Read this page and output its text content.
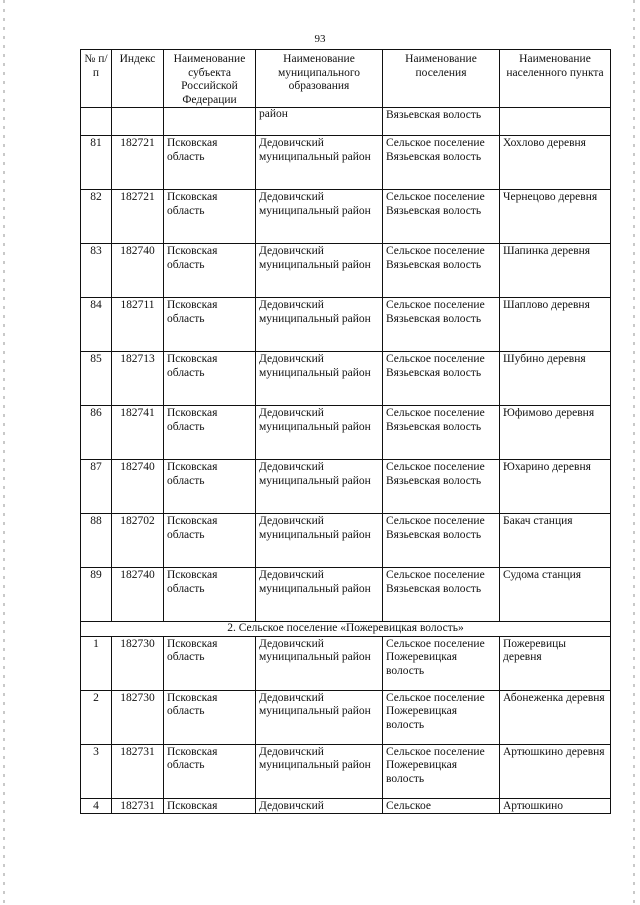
93
№ п/п	Индекс	Наименование субъекта Российской Федерации	Наименование муниципального образования	Наименование поселения	Наименование населенного пункта
			район	Вязьевская волость	
81	182721	Псковская область	Дедовичский муниципальный район	Сельское поселение Вязьевская волость	Хохлово деревня
82	182721	Псковская область	Дедовичский муниципальный район	Сельское поселение Вязьевская волость	Чернецово деревня
83	182740	Псковская область	Дедовичский муниципальный район	Сельское поселение Вязьевская волость	Шапинка деревня
84	182711	Псковская область	Дедовичский муниципальный район	Сельское поселение Вязьевская волость	Шаплово деревня
85	182713	Псковская область	Дедовичский муниципальный район	Сельское поселение Вязьевская волость	Шубино деревня
86	182741	Псковская область	Дедовичский муниципальный район	Сельское поселение Вязьевская волость	Юфимово деревня
87	182740	Псковская область	Дедовичский муниципальный район	Сельское поселение Вязьевская волость	Юхарино деревня
88	182702	Псковская область	Дедовичский муниципальный район	Сельское поселение Вязьевская волость	Бакач станция
89	182740	Псковская область	Дедовичский муниципальный район	Сельское поселение Вязьевская волость	Судома станция
2. Сельское поселение «Пожеревицкая волость»					
1	182730	Псковская область	Дедовичский муниципальный район	Сельское поселение Пожеревицкая волость	Пожеревицы деревня
2	182730	Псковская область	Дедовичский муниципальный район	Сельское поселение Пожеревицкая волость	Абонеженка деревня
3	182731	Псковская область	Дедовичский муниципальный район	Сельское поселение Пожеревицкая волость	Артюшкино деревня
4	182731	Псковская	Дедовичский	Сельское	Артюшкино
